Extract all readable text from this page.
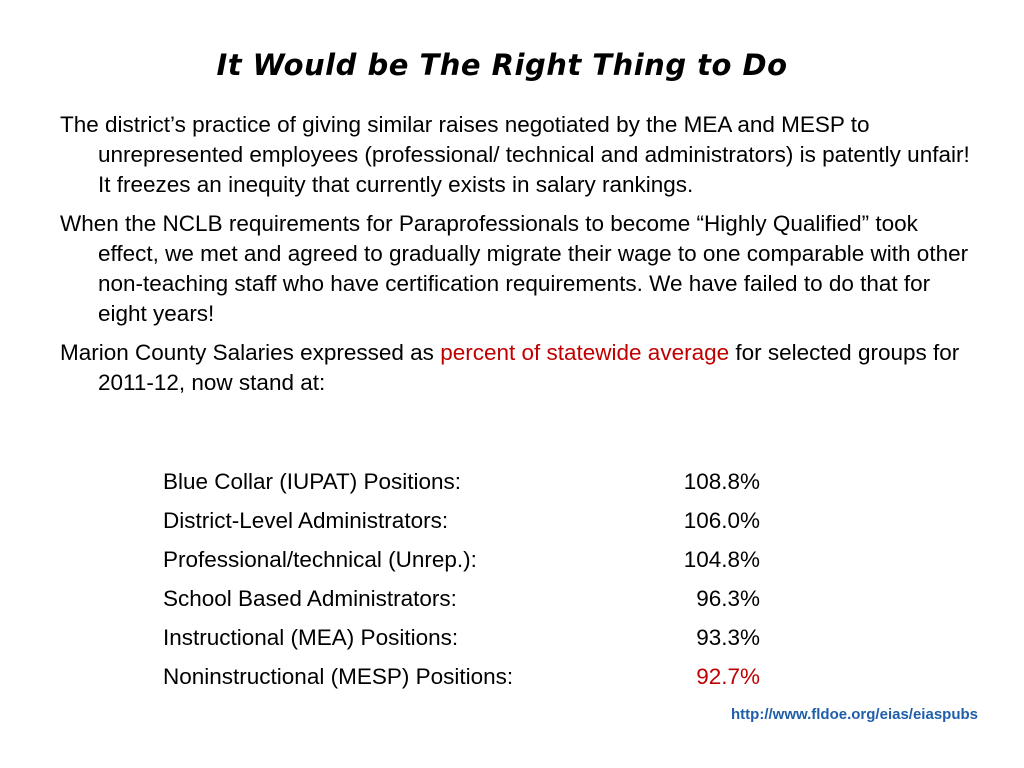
It Would be The Right Thing to Do

The district’s practice of giving similar raises negotiated by the MEA and MESP to unrepresented employees (professional/ technical and administrators) is patently unfair! It freezes an inequity that currently exists in salary rankings.

When the NCLB requirements for Paraprofessionals to become “Highly Qualified” took effect, we met and agreed to gradually migrate their wage to one comparable with other non-teaching staff who have certification requirements. We have failed to do that for eight years!

Marion County Salaries expressed as percent of statewide average for selected groups for 2011-12, now stand at:

Blue Collar (IUPAT) Positions:	108.8%
District-Level Administrators:	106.0%
Professional/technical (Unrep.):	104.8%
School Based Administrators:	96.3%
Instructional (MEA) Positions:	93.3%
Noninstructional (MESP) Positions:	92.7%
http://www.fldoe.org/eias/eiaspubs
